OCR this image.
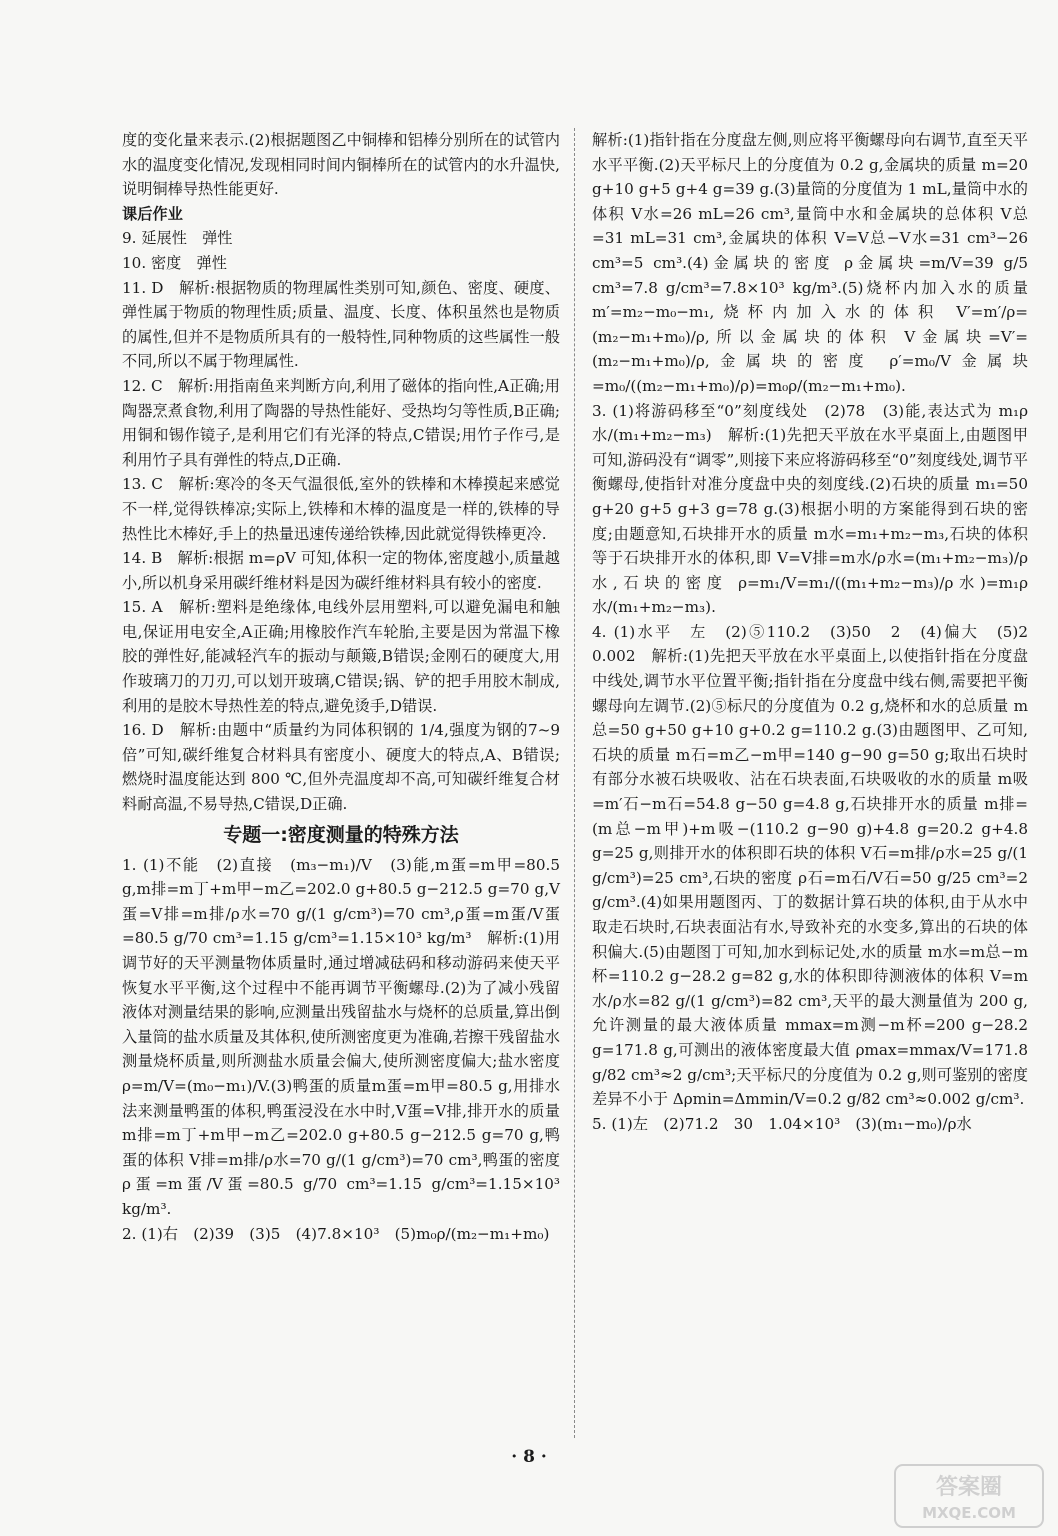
度的变化量来表示.(2)根据题图乙中铜棒和铝棒分别所在的试管内水的温度变化情况,发现相同时间内铜棒所在的试管内的水升温快,说明铜棒导热性能更好.

课后作业

9. 延展性　弹性

10. 密度　弹性

11. D　解析:根据物质的物理属性类别可知,颜色、密度、硬度、弹性属于物质的物理性质;质量、温度、长度、体积虽然也是物质的属性,但并不是物质所具有的一般特性,同种物质的这些属性一般不同,所以不属于物理属性.

12. C　解析:用指南鱼来判断方向,利用了磁体的指向性,A正确;用陶器烹煮食物,利用了陶器的导热性能好、受热均匀等性质,B正确;用铜和锡作镜子,是利用它们有光泽的特点,C错误;用竹子作弓,是利用竹子具有弹性的特点,D正确.

13. C　解析:寒冷的冬天气温很低,室外的铁棒和木棒摸起来感觉不一样,觉得铁棒凉;实际上,铁棒和木棒的温度是一样的,铁棒的导热性比木棒好,手上的热量迅速传递给铁棒,因此就觉得铁棒更冷.

14. B　解析:根据 m=ρV 可知,体积一定的物体,密度越小,质量越小,所以机身采用碳纤维材料是因为碳纤维材料具有较小的密度.

15. A　解析:塑料是绝缘体,电线外层用塑料,可以避免漏电和触电,保证用电安全,A正确;用橡胶作汽车轮胎,主要是因为常温下橡胶的弹性好,能减轻汽车的振动与颠簸,B错误;金刚石的硬度大,用作玻璃刀的刀刃,可以划开玻璃,C错误;锅、铲的把手用胶木制成,利用的是胶木导热性差的特点,避免烫手,D错误.

16. D　解析:由题中“质量约为同体积钢的 1/4,强度为钢的7~9倍”可知,碳纤维复合材料具有密度小、硬度大的特点,A、B错误;燃烧时温度能达到 800 ℃,但外壳温度却不高,可知碳纤维复合材料耐高温,不易导热,C错误,D正确.

专题一:密度测量的特殊方法

1. (1)不能　(2)直接　(m₃−m₁)/V　(3)能,m蛋=m甲=80.5 g,m排=m丁+m甲−m乙=202.0 g+80.5 g−212.5 g=70 g,V蛋=V排=m排/ρ水=70 g/(1 g/cm³)=70 cm³,ρ蛋=m蛋/V蛋=80.5 g/70 cm³=1.15 g/cm³=1.15×10³ kg/m³　解析:(1)用调节好的天平测量物体质量时,通过增减砝码和移动游码来使天平恢复水平平衡,这个过程中不能再调节平衡螺母.(2)为了减小残留液体对测量结果的影响,应测量出残留盐水与烧杯的总质量,算出倒入量筒的盐水质量及其体积,使所测密度更为准确,若擦干残留盐水测量烧杯质量,则所测盐水质量会偏大,使所测密度偏大;盐水密度 ρ=m/V=(m₀−m₁)/V.(3)鸭蛋的质量m蛋=m甲=80.5 g,用排水法来测量鸭蛋的体积,鸭蛋浸没在水中时,V蛋=V排,排开水的质量 m排=m丁+m甲−m乙=202.0 g+80.5 g−212.5 g=70 g,鸭蛋的体积 V排=m排/ρ水=70 g/(1 g/cm³)=70 cm³,鸭蛋的密度 ρ蛋=m蛋/V蛋=80.5 g/70 cm³=1.15 g/cm³=1.15×10³ kg/m³.

2. (1)右　(2)39　(3)5　(4)7.8×10³　(5)m₀ρ/(m₂−m₁+m₀)

解析:(1)指针指在分度盘左侧,则应将平衡螺母向右调节,直至天平水平平衡.(2)天平标尺上的分度值为 0.2 g,金属块的质量 m=20 g+10 g+5 g+4 g=39 g.(3)量筒的分度值为 1 mL,量筒中水的体积 V水=26 mL=26 cm³,量筒中水和金属块的总体积 V总=31 mL=31 cm³,金属块的体积 V=V总−V水=31 cm³−26 cm³=5 cm³.(4)金属块的密度 ρ金属块=m/V=39 g/5 cm³=7.8 g/cm³=7.8×10³ kg/m³.(5)烧杯内加入水的质量m′=m₂−m₀−m₁,烧杯内加入水的体积 V′=m′/ρ=(m₂−m₁+m₀)/ρ,所以金属块的体积 V金属块=V′=(m₂−m₁+m₀)/ρ,金属块的密度 ρ′=m₀/V金属块=m₀/((m₂−m₁+m₀)/ρ)=m₀ρ/(m₂−m₁+m₀).

3. (1)将游码移至“0”刻度线处　(2)78　(3)能,表达式为 m₁ρ水/(m₁+m₂−m₃)　解析:(1)先把天平放在水平桌面上,由题图甲可知,游码没有“调零”,则接下来应将游码移至“0”刻度线处,调节平衡螺母,使指针对准分度盘中央的刻度线.(2)石块的质量 m₁=50 g+20 g+5 g+3 g=78 g.(3)根据小明的方案能得到石块的密度;由题意知,石块排开水的质量 m水=m₁+m₂−m₃,石块的体积等于石块排开水的体积,即 V=V排=m水/ρ水=(m₁+m₂−m₃)/ρ水,石块的密度 ρ=m₁/V=m₁/((m₁+m₂−m₃)/ρ水)=m₁ρ水/(m₁+m₂−m₃).

4. (1)水平　左　(2)⑤110.2　(3)50　2　(4)偏大　(5)2　0.002　解析:(1)先把天平放在水平桌面上,以使指针指在分度盘中线处,调节水平位置平衡;指针指在分度盘中线右侧,需要把平衡螺母向左调节.(2)⑤标尺的分度值为 0.2 g,烧杯和水的总质量 m总=50 g+50 g+10 g+0.2 g=110.2 g.(3)由题图甲、乙可知,石块的质量 m石=m乙−m甲=140 g−90 g=50 g;取出石块时有部分水被石块吸收、沾在石块表面,石块吸收的水的质量 m吸=m′石−m石=54.8 g−50 g=4.8 g,石块排开水的质量 m排=(m总−m甲)+m吸−(110.2 g−90 g)+4.8 g=20.2 g+4.8 g=25 g,则排开水的体积即石块的体积 V石=m排/ρ水=25 g/(1 g/cm³)=25 cm³,石块的密度 ρ石=m石/V石=50 g/25 cm³=2 g/cm³.(4)如果用题图丙、丁的数据计算石块的体积,由于从水中取走石块时,石块表面沾有水,导致补充的水变多,算出的石块的体积偏大.(5)由题图丁可知,加水到标记处,水的质量 m水=m总−m杯=110.2 g−28.2 g=82 g,水的体积即待测液体的体积 V=m水/ρ水=82 g/(1 g/cm³)=82 cm³,天平的最大测量值为 200 g,允许测量的最大液体质量 mmax=m测−m杯=200 g−28.2 g=171.8 g,可测出的液体密度最大值 ρmax=mmax/V=171.8 g/82 cm³≈2 g/cm³;天平标尺的分度值为 0.2 g,则可鉴别的密度差异不小于 Δρmin=Δmmin/V=0.2 g/82 cm³≈0.002 g/cm³.

5. (1)左　(2)71.2　30　1.04×10³　(3)(m₁−m₀)/ρ水

· 8 ·
答案圈
MXQE.COM
